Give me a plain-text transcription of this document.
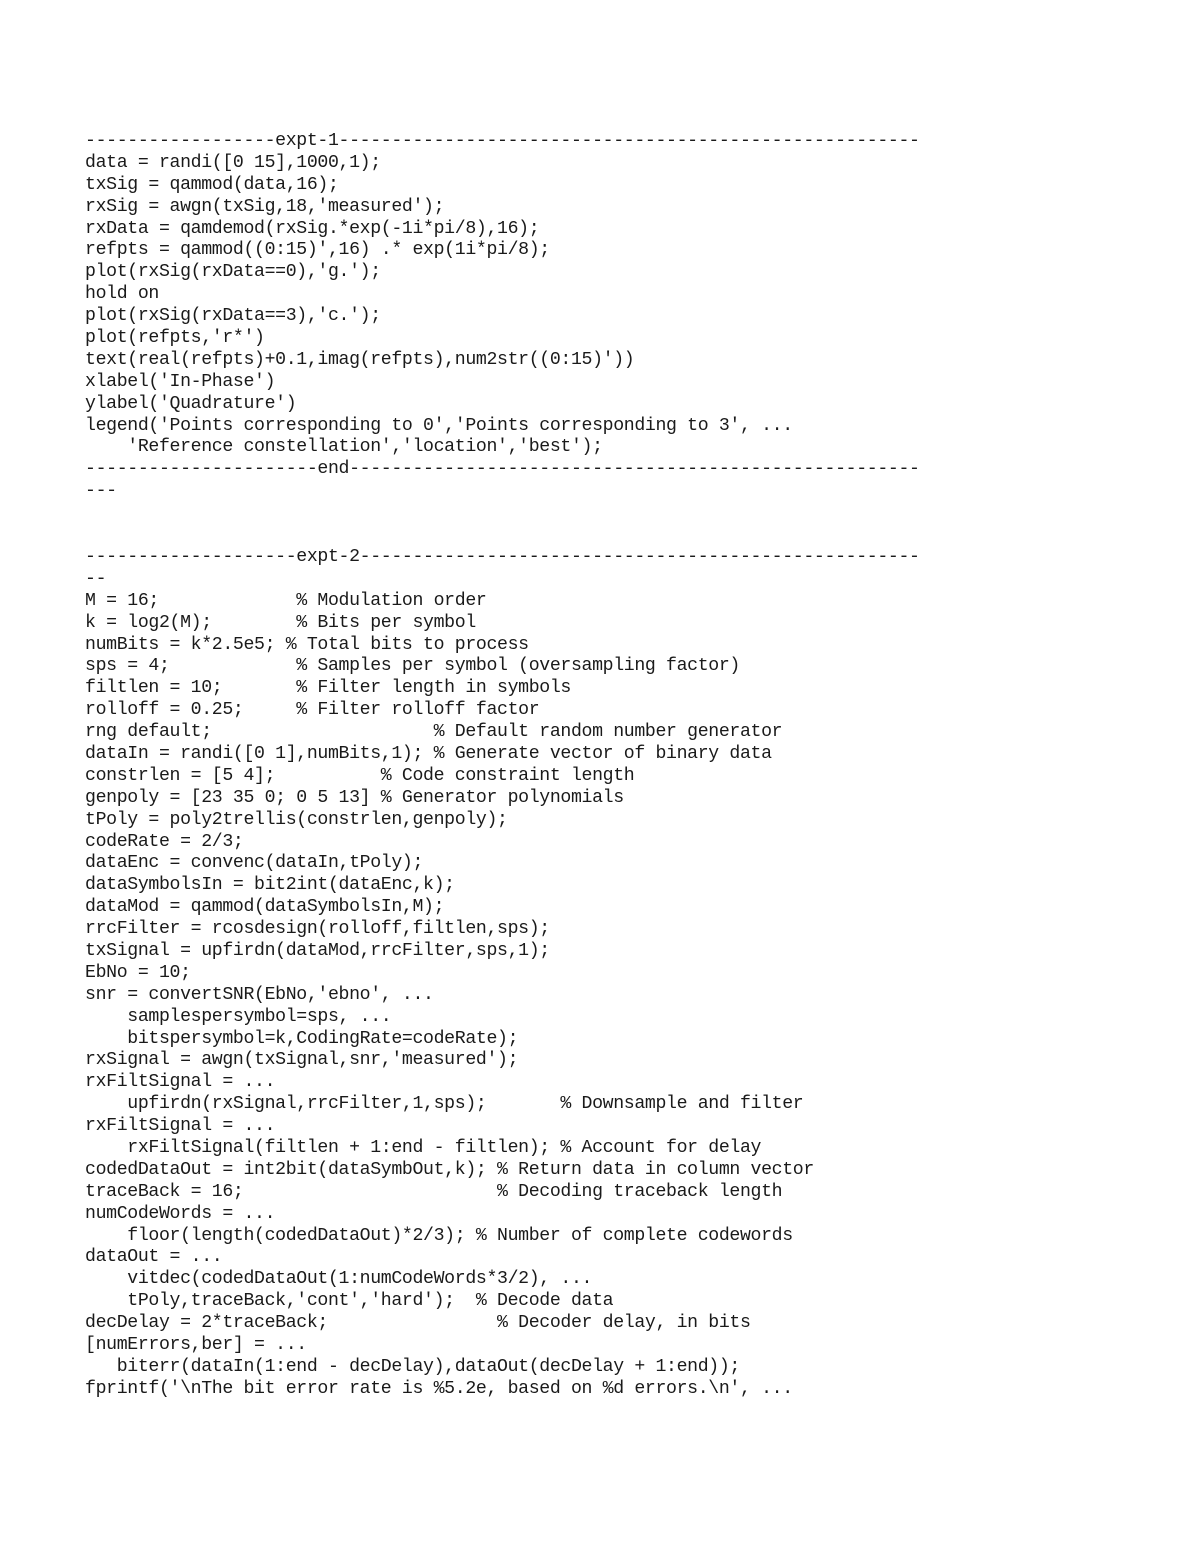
------------------expt-1-------------------------------------------------------
data = randi([0 15],1000,1);
txSig = qammod(data,16);
rxSig = awgn(txSig,18,'measured');
rxData = qamdemod(rxSig.*exp(-1i*pi/8),16);
refpts = qammod((0:15)',16) .* exp(1i*pi/8);
plot(rxSig(rxData==0),'g.');
hold on
plot(rxSig(rxData==3),'c.');
plot(refpts,'r*')
text(real(refpts)+0.1,imag(refpts),num2str((0:15)'))
xlabel('In-Phase')
ylabel('Quadrature')
legend('Points corresponding to 0','Points corresponding to 3', ...
'Reference constellation','location','best');
----------------------end------------------------------------------------------
---
--------------------expt-2-----------------------------------------------------
--
M = 16;             % Modulation order
k = log2(M);        % Bits per symbol
numBits = k*2.5e5; % Total bits to process
sps = 4;            % Samples per symbol (oversampling factor)
filtlen = 10;       % Filter length in symbols
rolloff = 0.25;     % Filter rolloff factor
rng default;                     % Default random number generator
dataIn = randi([0 1],numBits,1); % Generate vector of binary data
constrlen = [5 4];          % Code constraint length
genpoly = [23 35 0; 0 5 13] % Generator polynomials
tPoly = poly2trellis(constrlen,genpoly);
codeRate = 2/3;
dataEnc = convenc(dataIn,tPoly);
dataSymbolsIn = bit2int(dataEnc,k);
dataMod = qammod(dataSymbolsIn,M);
rrcFilter = rcosdesign(rolloff,filtlen,sps);
txSignal = upfirdn(dataMod,rrcFilter,sps,1);
EbNo = 10;
snr = convertSNR(EbNo,'ebno', ...
samplespersymbol=sps, ...
bitspersymbol=k,CodingRate=codeRate);
rxSignal = awgn(txSignal,snr,'measured');
rxFiltSignal = ...
upfirdn(rxSignal,rrcFilter,1,sps);       % Downsample and filter
rxFiltSignal = ...
rxFiltSignal(filtlen + 1:end - filtlen); % Account for delay
codedDataOut = int2bit(dataSymbOut,k); % Return data in column vector
traceBack = 16;                        % Decoding traceback length
numCodeWords = ...
floor(length(codedDataOut)*2/3); % Number of complete codewords
dataOut = ...
vitdec(codedDataOut(1:numCodeWords*3/2), ...
tPoly,traceBack,'cont','hard');  % Decode data
decDelay = 2*traceBack;                % Decoder delay, in bits
[numErrors,ber] = ...
biterr(dataIn(1:end - decDelay),dataOut(decDelay + 1:end));
fprintf('\nThe bit error rate is %5.2e, based on %d errors.\n', ...
